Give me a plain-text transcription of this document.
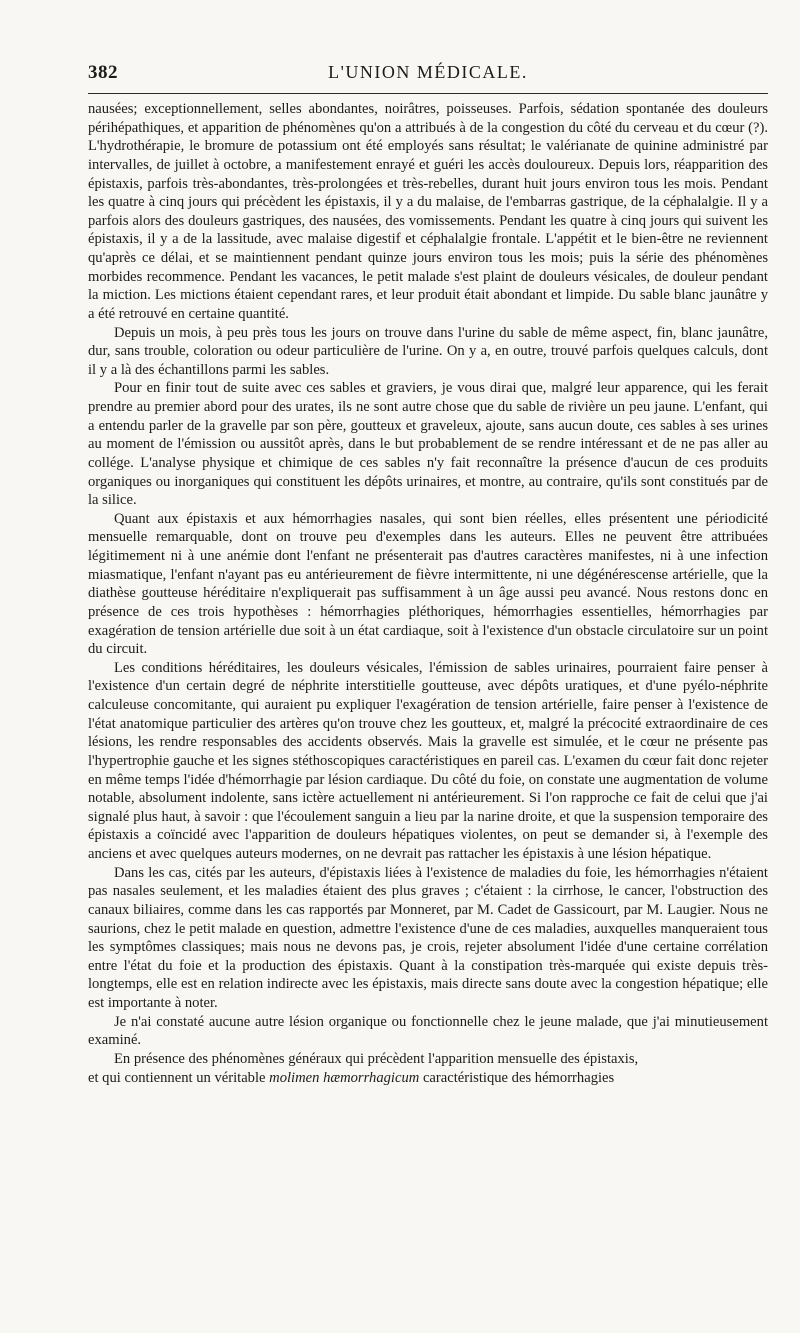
382	L'UNION MÉDICALE.

nausées; exceptionnellement, selles abondantes, noirâtres, poisseuses. Parfois, sédation spontanée des douleurs périhépathiques, et apparition de phénomènes qu'on a attribués à de la congestion du côté du cerveau et du cœur (?). L'hydrothérapie, le bromure de potassium ont été employés sans résultat; le valérianate de quinine administré par intervalles, de juillet à octobre, a manifestement enrayé et guéri les accès douloureux. Depuis lors, réapparition des épistaxis, parfois très-abondantes, très-prolongées et très-rebelles, durant huit jours environ tous les mois. Pendant les quatre à cinq jours qui précèdent les épistaxis, il y a du malaise, de l'embarras gastrique, de la céphalalgie. Il y a parfois alors des douleurs gastriques, des nausées, des vomissements. Pendant les quatre à cinq jours qui suivent les épistaxis, il y a de la lassitude, avec malaise digestif et céphalalgie frontale. L'appétit et le bien-être ne reviennent qu'après ce délai, et se maintiennent pendant quinze jours environ tous les mois; puis la série des phénomènes morbides recommence. Pendant les vacances, le petit malade s'est plaint de douleurs vésicales, de douleur pendant la miction. Les mictions étaient cependant rares, et leur produit était abondant et limpide. Du sable blanc jaunâtre y a été retrouvé en certaine quantité.

Depuis un mois, à peu près tous les jours on trouve dans l'urine du sable de même aspect, fin, blanc jaunâtre, dur, sans trouble, coloration ou odeur particulière de l'urine. On y a, en outre, trouvé parfois quelques calculs, dont il y a là des échantillons parmi les sables.

Pour en finir tout de suite avec ces sables et graviers, je vous dirai que, malgré leur apparence, qui les ferait prendre au premier abord pour des urates, ils ne sont autre chose que du sable de rivière un peu jaune. L'enfant, qui a entendu parler de la gravelle par son père, goutteux et graveleux, ajoute, sans aucun doute, ces sables à ses urines au moment de l'émission ou aussitôt après, dans le but probablement de se rendre intéressant et de ne pas aller au collége. L'analyse physique et chimique de ces sables n'y fait reconnaître la présence d'aucun de ces produits organiques ou inorganiques qui constituent les dépôts urinaires, et montre, au contraire, qu'ils sont constitués par de la silice.

Quant aux épistaxis et aux hémorrhagies nasales, qui sont bien réelles, elles présentent une périodicité mensuelle remarquable, dont on trouve peu d'exemples dans les auteurs. Elles ne peuvent être attribuées légitimement ni à une anémie dont l'enfant ne présenterait pas d'autres caractères manifestes, ni à une infection miasmatique, l'enfant n'ayant pas eu antérieurement de fièvre intermittente, ni une dégénérescense artérielle, que la diathèse goutteuse héréditaire n'expliquerait pas suffisamment à un âge aussi peu avancé. Nous restons donc en présence de ces trois hypothèses : hémorrhagies pléthoriques, hémorrhagies essentielles, hémorrhagies par exagération de tension artérielle due soit à un état cardiaque, soit à l'existence d'un obstacle circulatoire sur un point du circuit.

Les conditions héréditaires, les douleurs vésicales, l'émission de sables urinaires, pourraient faire penser à l'existence d'un certain degré de néphrite interstitielle goutteuse, avec dépôts uratiques, et d'une pyélo-néphrite calculeuse concomitante, qui auraient pu expliquer l'exagération de tension artérielle, faire penser à l'existence de l'état anatomique particulier des artères qu'on trouve chez les goutteux, et, malgré la précocité extraordinaire de ces lésions, les rendre responsables des accidents observés. Mais la gravelle est simulée, et le cœur ne présente pas l'hypertrophie gauche et les signes stéthoscopiques caractéristiques en pareil cas. L'examen du cœur fait donc rejeter en même temps l'idée d'hémorrhagie par lésion cardiaque. Du côté du foie, on constate une augmentation de volume notable, absolument indolente, sans ictère actuellement ni antérieurement. Si l'on rapproche ce fait de celui que j'ai signalé plus haut, à savoir : que l'écoulement sanguin a lieu par la narine droite, et que la suspension temporaire des épistaxis a coïncidé avec l'apparition de douleurs hépatiques violentes, on peut se demander si, à l'exemple des anciens et avec quelques auteurs modernes, on ne devrait pas rattacher les épistaxis à une lésion hépatique.

Dans les cas, cités par les auteurs, d'épistaxis liées à l'existence de maladies du foie, les hémorrhagies n'étaient pas nasales seulement, et les maladies étaient des plus graves ; c'étaient : la cirrhose, le cancer, l'obstruction des canaux biliaires, comme dans les cas rapportés par Monneret, par M. Cadet de Gassicourt, par M. Laugier. Nous ne saurions, chez le petit malade en question, admettre l'existence d'une de ces maladies, auxquelles manqueraient tous les symptômes classiques; mais nous ne devons pas, je crois, rejeter absolument l'idée d'une certaine corrélation entre l'état du foie et la production des épistaxis. Quant à la constipation très-marquée qui existe depuis très-longtemps, elle est en relation indirecte avec les épistaxis, mais directe sans doute avec la congestion hépatique; elle est importante à noter.

Je n'ai constaté aucune autre lésion organique ou fonctionnelle chez le jeune malade, que j'ai minutieusement examiné.

En présence des phénomènes généraux qui précèdent l'apparition mensuelle des épistaxis,

et qui contiennent un véritable molimen hæmorrhagicum caractéristique des hémorrhagies
